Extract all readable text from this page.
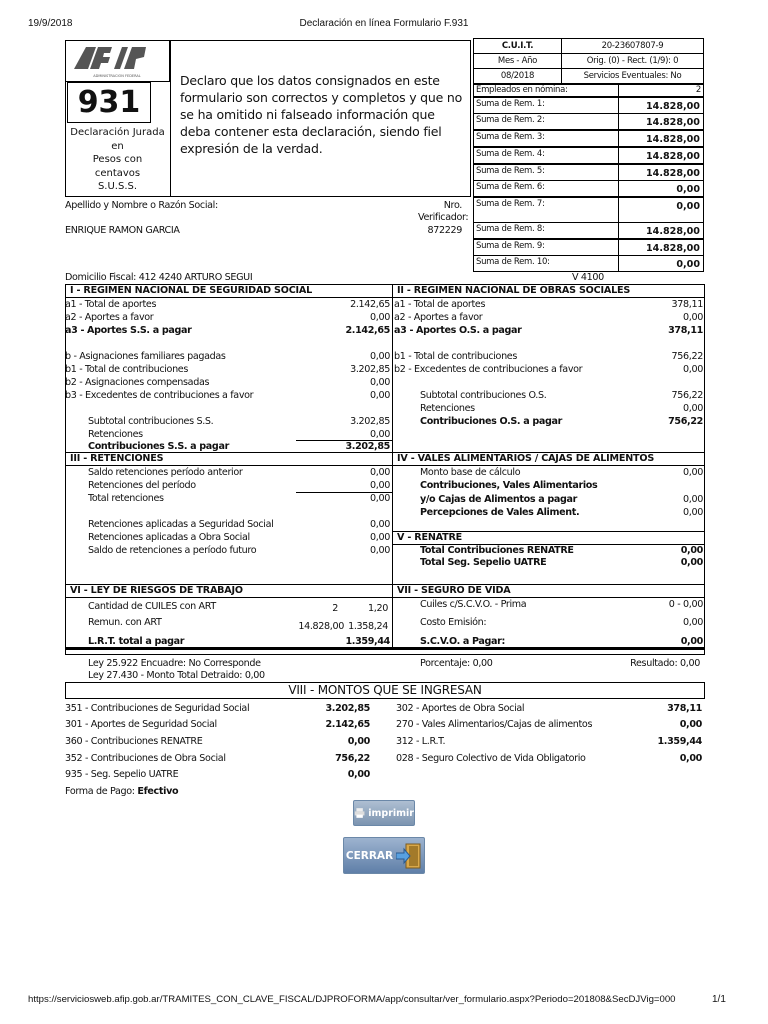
19/9/2018	Declaración en línea Formulario F.931
ADMINISTRACION FEDERAL	Declaro que los datos consignados en este formulario son correctos y completos y que no se ha omitido ni falseado información que deba contener esta declaración, siendo fiel expresión de la verdad.
931
Declaración Jurada
en
Pesos con
centavos
S.U.S.S.
C.U.I.T.	20-23607807-9
Mes - Año	Orig. (0) - Rect. (1/9): 0
08/2018	Servicios Eventuales: No
Empleados en nómina:	2
Suma de Rem. 1:	14.828,00
Suma de Rem. 2:	14.828,00
Suma de Rem. 3:	14.828,00
Suma de Rem. 4:	14.828,00
Suma de Rem. 5:	14.828,00
Suma de Rem. 6:	0,00
Suma de Rem. 7:	0,00
Suma de Rem. 8:	14.828,00
Suma de Rem. 9:	14.828,00
Suma de Rem. 10:	0,00
Apellido y Nombre o Razón Social:	Nro.
Verificador:
ENRIQUE RAMON GARCIA	872229
Domicilio Fiscal: 412 4240 ARTURO SEGUI	V 4100
I - REGIMEN NACIONAL DE SEGURIDAD SOCIAL	II - REGIMEN NACIONAL DE OBRAS SOCIALES
a1 - Total de aportes	2.142,65
a2 - Aportes a favor	0,00
a3 - Aportes S.S. a pagar	2.142,65
b - Asignaciones familiares pagadas	0,00
b1 - Total de contribuciones	3.202,85
b2 - Asignaciones compensadas	0,00
b3 - Excedentes de contribuciones a favor	0,00
Subtotal contribuciones S.S.	3.202,85
Retenciones	0,00
Contribuciones S.S. a pagar	3.202,85
a1 - Total de aportes	378,11
a2 - Aportes a favor	0,00
a3 - Aportes O.S. a pagar	378,11
b1 - Total de contribuciones	756,22
b2 - Excedentes de contribuciones a favor	0,00
Subtotal contribuciones O.S.	756,22
Retenciones	0,00
Contribuciones O.S. a pagar	756,22
III - RETENCIONES	IV - VALES ALIMENTARIOS / CAJAS DE ALIMENTOS
Saldo retenciones período anterior	0,00
Retenciones del período	0,00
Total retenciones	0,00
Retenciones aplicadas a Seguridad Social	0,00
Retenciones aplicadas a Obra Social	0,00
Saldo de retenciones a período futuro	0,00
Monto base de cálculo	0,00
Contribuciones, Vales Alimentarios
y/o Cajas de Alimentos a pagar	0,00
Percepciones de Vales Aliment.	0,00
V - RENATRE
Total Contribuciones RENATRE	0,00
Total Seg. Sepelio UATRE	0,00
VI - LEY DE RIESGOS DE TRABAJO	VII - SEGURO DE VIDA
Cantidad de CUILES con ART	2	1,20
Remun. con ART	14.828,00 1.358,24
L.R.T. total a pagar	1.359,44
Cuiles c/S.C.V.O. - Prima	0 - 0,00
Costo Emisión:	0,00
S.C.V.O. a Pagar:	0,00
Ley 25.922 Encuadre: No Corresponde
Ley 27.430 - Monto Total Detraido: 0,00
Porcentaje: 0,00	Resultado: 0,00
VIII - MONTOS QUE SE INGRESAN
351 - Contribuciones de Seguridad Social	3.202,85
301 - Aportes de Seguridad Social	2.142,65
360 - Contribuciones RENATRE	0,00
352 - Contribuciones de Obra Social	756,22
935 - Seg. Sepelio UATRE	0,00
302 - Aportes de Obra Social	378,11
270 - Vales Alimentarios/Cajas de alimentos	0,00
312 - L.R.T.	1.359,44
028 - Seguro Colectivo de Vida Obligatorio	0,00
Forma de Pago: Efectivo
imprimir
CERRAR
https://serviciosweb.afip.gob.ar/TRAMITES_CON_CLAVE_FISCAL/DJPROFORMA/app/consultar/ver_formulario.aspx?Periodo=201808&SecDJVig=000	1/1
